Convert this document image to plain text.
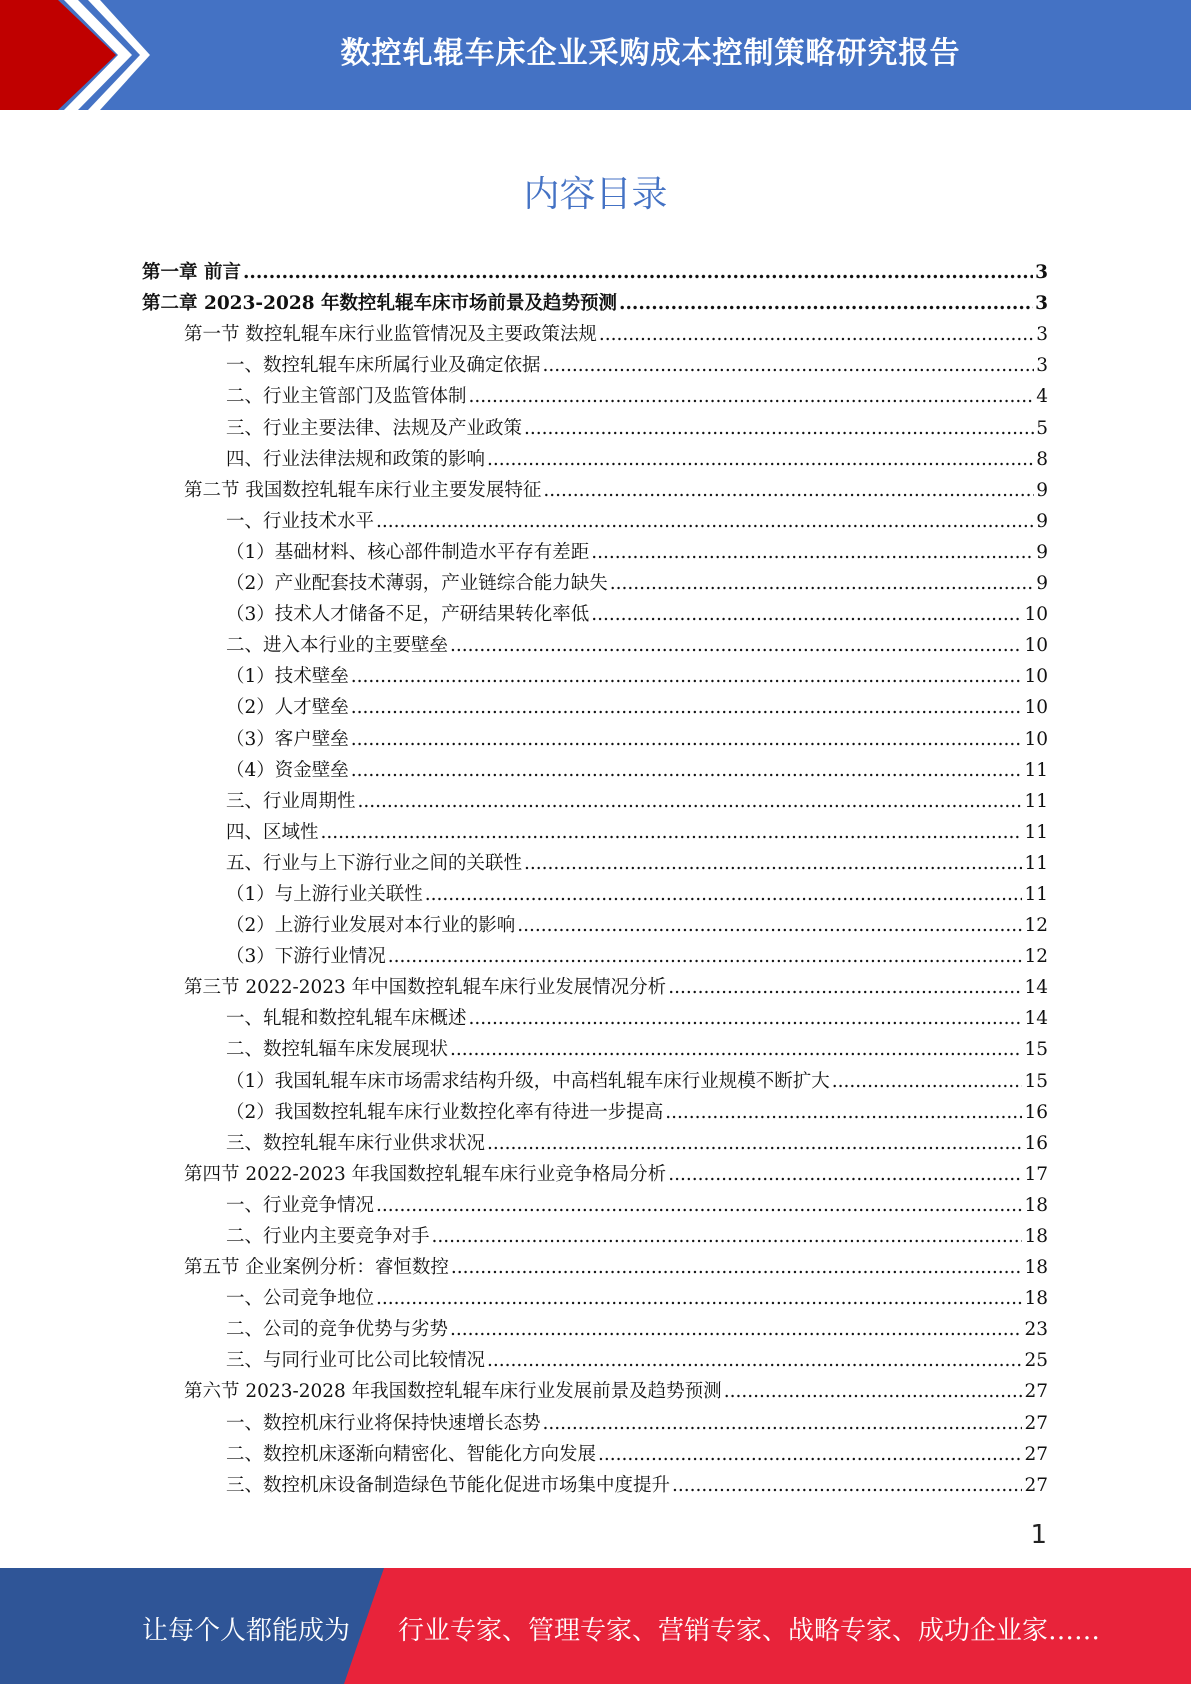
数控轧辊车床企业采购成本控制策略研究报告
内容目录
第一章 前言 .....	3
第二章 2023-2028 年数控轧辊车床市场前景及趋势预测 .....	3
第一节 数控轧辊车床行业监管情况及主要政策法规 .....	3
一、数控轧辊车床所属行业及确定依据 .....	3
二、行业主管部门及监管体制 .....	4
三、行业主要法律、法规及产业政策 .....	5
四、行业法律法规和政策的影响 .....	8
第二节 我国数控轧辊车床行业主要发展特征 .....	9
一、行业技术水平 .....	9
（1）基础材料、核心部件制造水平存有差距 .....	9
（2）产业配套技术薄弱，产业链综合能力缺失 .....	9
（3）技术人才储备不足，产研结果转化率低 .....	10
二、进入本行业的主要壁垒 .....	10
（1）技术壁垒 .....	10
（2）人才壁垒 .....	10
（3）客户壁垒 .....	10
（4）资金壁垒 .....	11
三、行业周期性 .....	11
四、区域性 .....	11
五、行业与上下游行业之间的关联性 .....	11
（1）与上游行业关联性 .....	11
（2）上游行业发展对本行业的影响 .....	12
（3）下游行业情况 .....	12
第三节 2022-2023 年中国数控轧辊车床行业发展情况分析 .....	14
一、轧辊和数控轧辊车床概述 .....	14
二、数控轧辐车床发展现状 .....	15
（1）我国轧辊车床市场需求结构升级，中高档轧辊车床行业规模不断扩大 .....	15
（2）我国数控轧辊车床行业数控化率有待进一步提高 .....	16
三、数控轧辊车床行业供求状况 .....	16
第四节 2022-2023 年我国数控轧辊车床行业竞争格局分析 .....	17
一、行业竞争情况 .....	18
二、行业内主要竞争对手 .....	18
第五节 企业案例分析：睿恒数控 .....	18
一、公司竞争地位 .....	18
二、公司的竞争优势与劣势 .....	23
三、与同行业可比公司比较情况 .....	25
第六节 2023-2028 年我国数控轧辊车床行业发展前景及趋势预测 .....	27
一、数控机床行业将保持快速增长态势 .....	27
二、数控机床逐渐向精密化、智能化方向发展 .....	27
三、数控机床设备制造绿色节能化促进市场集中度提升 .....	27
1
让每个人都能成为 行业专家、管理专家、营销专家、战略专家、成功企业家……
